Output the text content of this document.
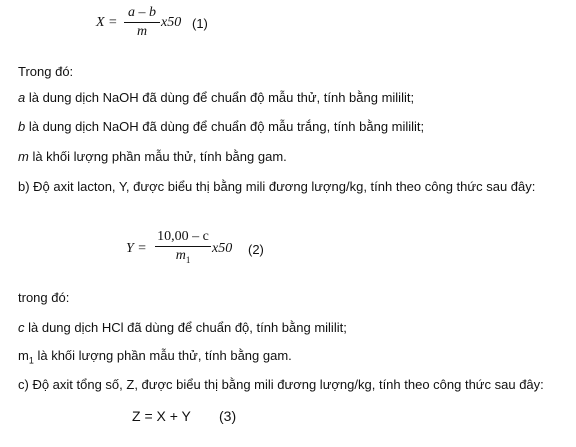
X =
a – b
m
x50 (1)
Trong đó:
a là dung dịch NaOH đã dùng để chuẩn độ mẫu thử, tính bằng mililit;
b là dung dịch NaOH đã dùng để chuẩn độ mẫu trắng, tính bằng mililit;
m là khối lượng phần mẫu thử, tính bằng gam.
b) Độ axit lacton, Y, được biểu thị bằng mili đương lượng/kg, tính theo công thức sau đây:
Y =
10,00 – c
$m_1$
x50 (2)
trong đó:
c là dung dịch HCl đã dùng để chuẩn độ, tính bằng mililit;
$m_1$ là khối lượng phần mẫu thử, tính bằng gam.
c) Độ axit tổng số, Z, được biểu thị bằng mili đương lượng/kg, tính theo công thức sau đây:
Z = X + Y (3)
